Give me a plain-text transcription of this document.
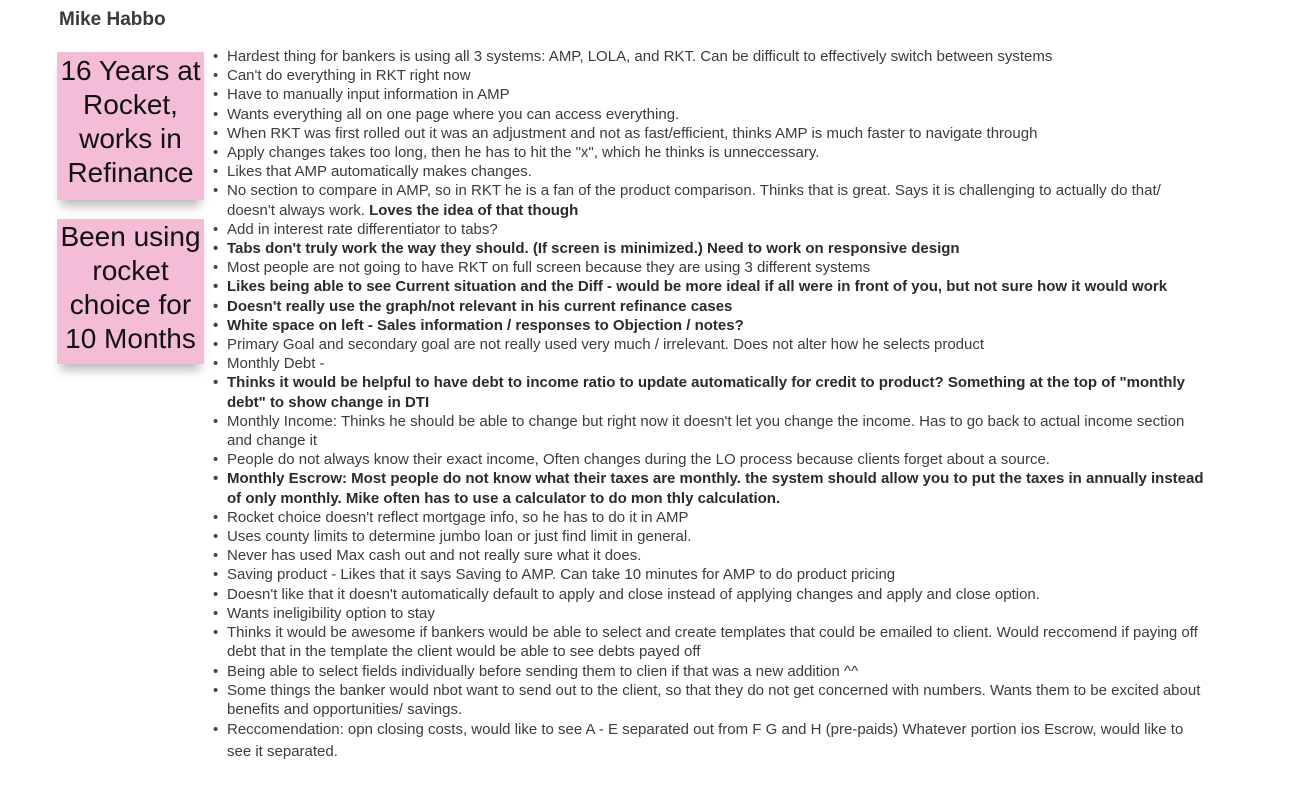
Mike Habbo
16 Years at Rocket, works in Refinance
Been using rocket choice for 10 Months
• Hardest thing for bankers is using all 3 systems: AMP, LOLA, and RKT. Can be difficult to effectively switch between systems
• Can't do everything in RKT right now
• Have to manually input information in AMP
• Wants everything all on one page where you can access everything.
• When RKT was first rolled out it was an adjustment and not as fast/efficient, thinks AMP is much faster to navigate through
• Apply changes takes too long, then he has to hit the "x", which he thinks is unneccessary.
• Likes that AMP automatically makes changes.
• No section to compare in AMP, so in RKT he is a fan of the product comparison. Thinks that is great. Says it is challenging to actually do that/ doesn't always work. Loves the idea of that though
• Add in interest rate differentiator to tabs?
• Tabs don't truly work the way they should. (If screen is minimized.) Need to work on responsive design
• Most people are not going to have RKT on full screen because they are using 3 different systems
• Likes being able to see Current situation and the Diff - would be more ideal if all were in front of you, but not sure how it would work
• Doesn't really use the graph/not relevant in his current refinance cases
• White space on left - Sales information / responses to Objection / notes?
• Primary Goal and secondary goal are not really used very much / irrelevant. Does not alter how he selects product
• Monthly Debt -
• Thinks it would be helpful to have debt to income ratio to update automatically for credit to product? Something at the top of "monthly debt" to show change in DTI
• Monthly Income: Thinks he should be able to change but right now it doesn't let you change the income. Has to go back to actual income section and change it
• People do not always know their exact income, Often changes during the LO process because clients forget about a source.
• Monthly Escrow: Most people do not know what their taxes are monthly. the system should allow you to put the taxes in annually instead of only monthly. Mike often has to use a calculator to do mon thly calculation.
• Rocket choice doesn't reflect mortgage info, so he has to do it in AMP
• Uses county limits to determine jumbo loan or just find limit in general.
• Never has used Max cash out and not really sure what it does.
• Saving product - Likes that it says Saving to AMP. Can take 10 minutes for AMP to do product pricing
• Doesn't like that it doesn't automatically default to apply and close instead of applying changes and apply and close option.
• Wants ineligibility option to stay
• Thinks it would be awesome if bankers would be able to select and create templates that could be emailed to client. Would reccomend if paying off debt that in the template the client would be able to see debts payed off
• Being able to select fields individually before sending them to clien if that was a new addition ^^
• Some things the banker would nbot want to send out to the client, so that they do not get concerned with numbers. Wants them to be excited about benefits and opportunities/ savings.
• Reccomendation: opn closing costs, would like to see A - E separated out from F G and H (pre-paids) Whatever portion ios Escrow, would like to see it separated.
